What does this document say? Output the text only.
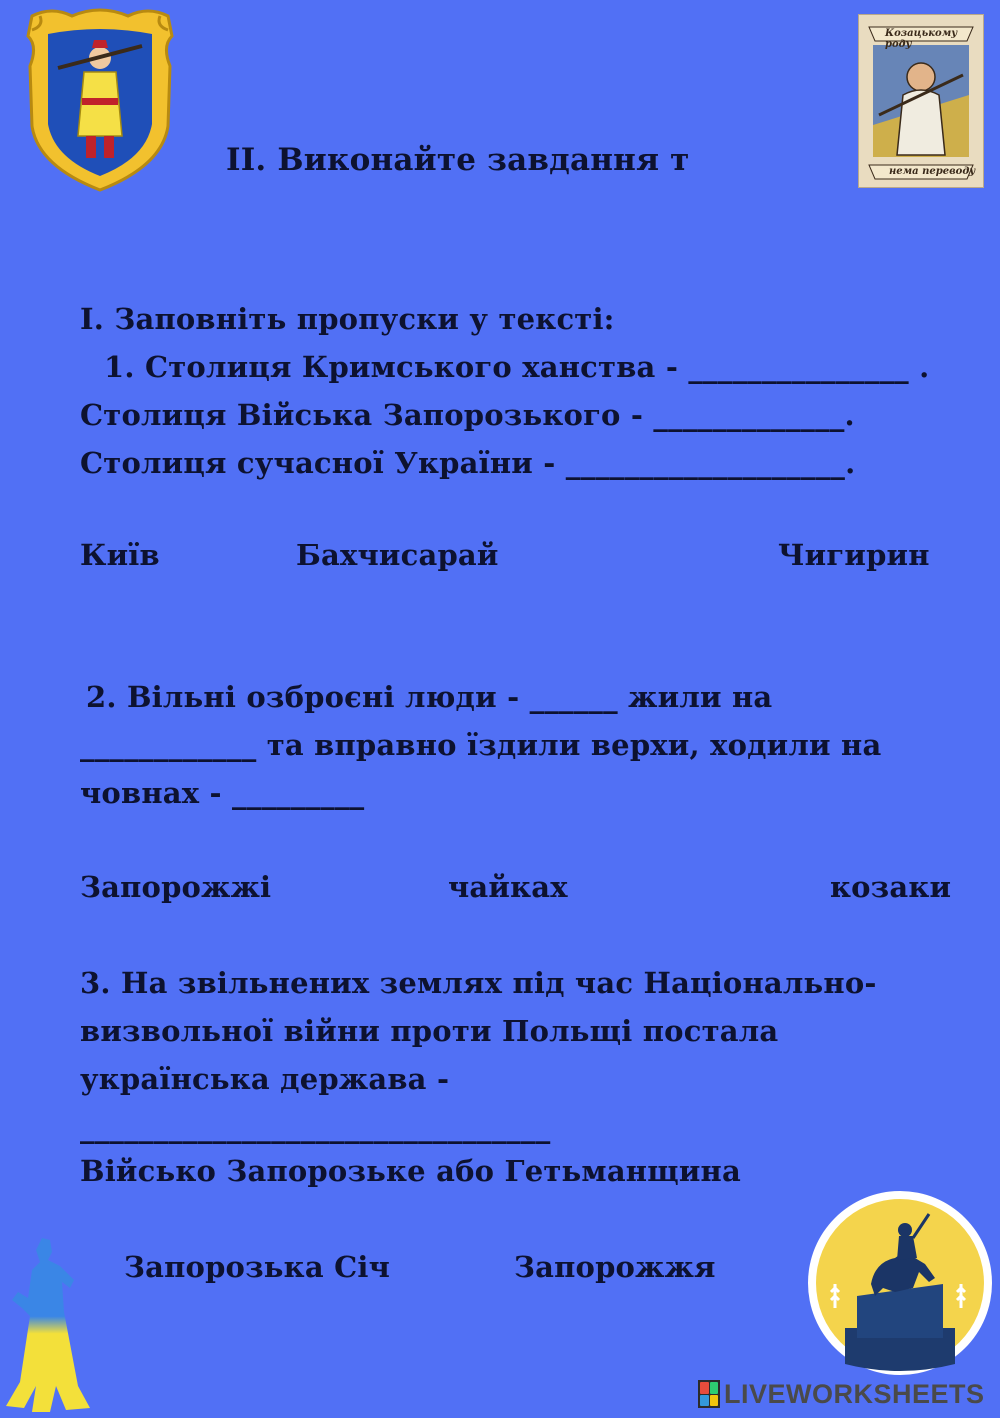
Козацькому роду
нема переводу
ІІ. Виконайте завдання т
І. Заповніть пропуски у тексті:
1. Столиця Кримського ханства - _______________ .
Столиця Війська Запорозького - _____________.
Столиця сучасної України - ___________________.
Київ	Бахчисарай	Чигирин
2. Вільні озброєні люди - ______ жили на
____________ та вправно їздили верхи, ходили на
човнах - _________
Запорожжі	чайках	козаки
3. На звільнених землях під час Національно-
визвольної війни проти Польщі постала
українська держава -
________________________________
Військо Запорозьке або Гетьманщина
Запорозька Січ	Запорожжя
LIVEWORKSHEETS
